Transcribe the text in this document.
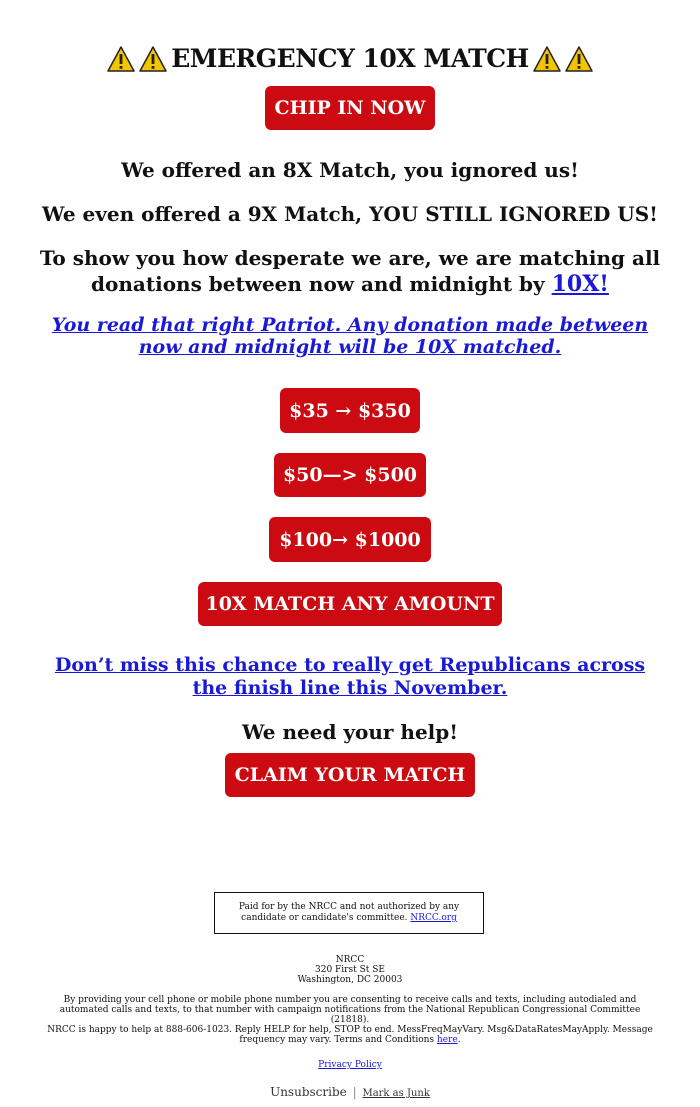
EMERGENCY 10X MATCH
CHIP IN NOW
We offered an 8X Match, you ignored us!
We even offered a 9X Match, YOU STILL IGNORED US!
To show you how desperate we are, we are matching all donations between now and midnight by 10X!
You read that right Patriot. Any donation made between now and midnight will be 10X matched.
$35 → $350
$50—> $500
$100→ $1000
10X MATCH ANY AMOUNT
Don’t miss this chance to really get Republicans across the finish line this November.
We need your help!
CLAIM YOUR MATCH
Paid for by the NRCC and not authorized by any candidate or candidate's committee. NRCC.org
NRCC
320 First St SE
Washington, DC 20003
By providing your cell phone or mobile phone number you are consenting to receive calls and texts, including autodialed and automated calls and texts, to that number with campaign notifications from the National Republican Congressional Committee (21818).
NRCC is happy to help at 888-606-1023. Reply HELP for help, STOP to end. MessFreqMayVary. Msg&DataRatesMayApply. Message frequency may vary. Terms and Conditions here.
Privacy Policy
Unsubscribe | Mark as Junk
